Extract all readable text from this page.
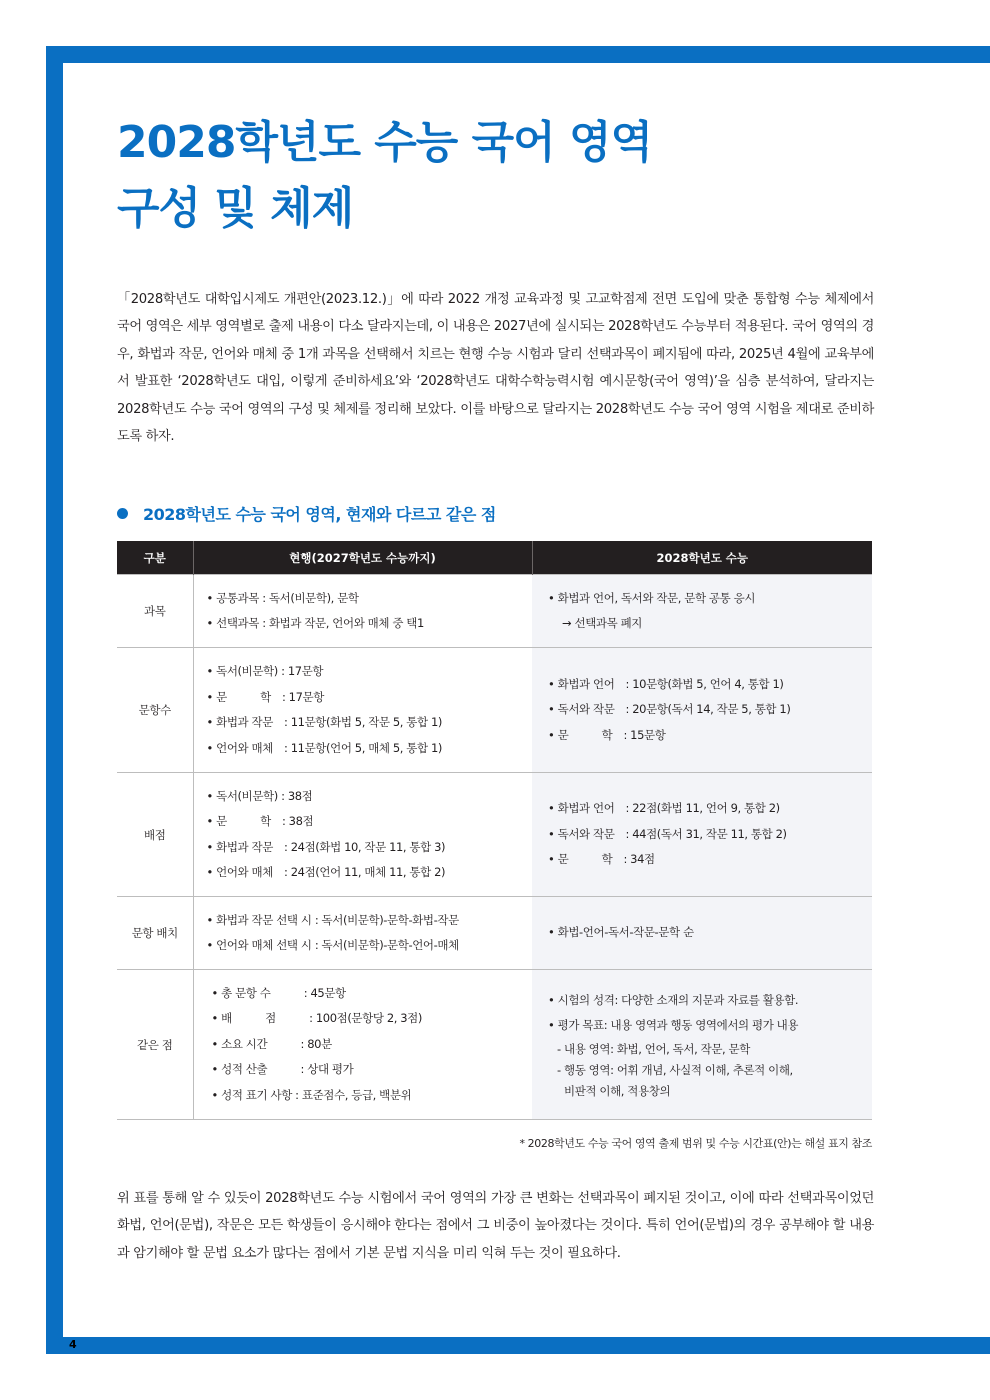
4
2028학년도 수능 국어 영역
구성 및 체제

「2028학년도 대학입시제도 개편안(2023.12.)」에 따라 2022 개정 교육과정 및 고교학점제 전면 도입에 맞춘 통합형 수능 체제에서 국어 영역은 세부 영역별로 출제 내용이 다소 달라지는데, 이 내용은 2027년에 실시되는 2028학년도 수능부터 적용된다. 국어 영역의 경우, 화법과 작문, 언어와 매체 중 1개 과목을 선택해서 치르는 현행 수능 시험과 달리 선택과목이 폐지됨에 따라, 2025년 4월에 교육부에서 발표한 ‘2028학년도 대입, 이렇게 준비하세요’와 ‘2028학년도 대학수학능력시험 예시문항(국어 영역)’을 심층 분석하여, 달라지는 2028학년도 수능 국어 영역의 구성 및 체제를 정리해 보았다. 이를 바탕으로 달라지는 2028학년도 수능 국어 영역 시험을 제대로 준비하도록 하자.

2028학년도 수능 국어 영역, 현재와 다르고 같은 점
구분	현행(2027학년도 수능까지)	2028학년도 수능
과목	• 공통과목 : 독서(비문학), 문학
• 선택과목 : 화법과 작문, 언어와 매체 중 택1	• 화법과 언어, 독서와 작문, 문학 공통 응시
→ 선택과목 폐지

문항수	• 독서(비문학) : 17문항
• 문　　　학　: 17문항
• 화법과 작문　: 11문항(화법 5, 작문 5, 통합 1)
• 언어와 매체　: 11문항(언어 5, 매체 5, 통합 1)	• 화법과 언어　: 10문항(화법 5, 언어 4, 통합 1)
• 독서와 작문　: 20문항(독서 14, 작문 5, 통합 1)
• 문　　　학　: 15문항

배점	• 독서(비문학) : 38점
• 문　　　학　: 38점
• 화법과 작문　: 24점(화법 10, 작문 11, 통합 3)
• 언어와 매체　: 24점(언어 11, 매체 11, 통합 2)	• 화법과 언어　: 22점(화법 11, 언어 9, 통합 2)
• 독서와 작문　: 44점(독서 31, 작문 11, 통합 2)
• 문　　　학　: 34점

문항 배치	• 화법과 작문 선택 시 : 독서(비문학)-문학-화법-작문
• 언어와 매체 선택 시 : 독서(비문학)-문학-언어-매체	• 화법-언어-독서-작문-문학 순

같은 점	• 총 문항 수　　　: 45문항
• 배　　　점　　　: 100점(문항당 2, 3점)
• 소요 시간　　　: 80분
• 성적 산출　　　: 상대 평가
• 성적 표기 사항 : 표준점수, 등급, 백분위	• 시험의 성격: 다양한 소재의 지문과 자료를 활용함.
• 평가 목표: 내용 영역과 행동 영역에서의 평가 내용
- 내용 영역: 화법, 언어, 독서, 작문, 문학
- 행동 영역: 어휘 개념, 사실적 이해, 추론적 이해,
비판적 이해, 적용창의
* 2028학년도 수능 국어 영역 출제 범위 및 수능 시간표(안)는 해설 표지 참조

위 표를 통해 알 수 있듯이 2028학년도 수능 시험에서 국어 영역의 가장 큰 변화는 선택과목이 폐지된 것이고, 이에 따라 선택과목이었던 화법, 언어(문법), 작문은 모든 학생들이 응시해야 한다는 점에서 그 비중이 높아졌다는 것이다. 특히 언어(문법)의 경우 공부해야 할 내용과 암기해야 할 문법 요소가 많다는 점에서 기본 문법 지식을 미리 익혀 두는 것이 필요하다.
